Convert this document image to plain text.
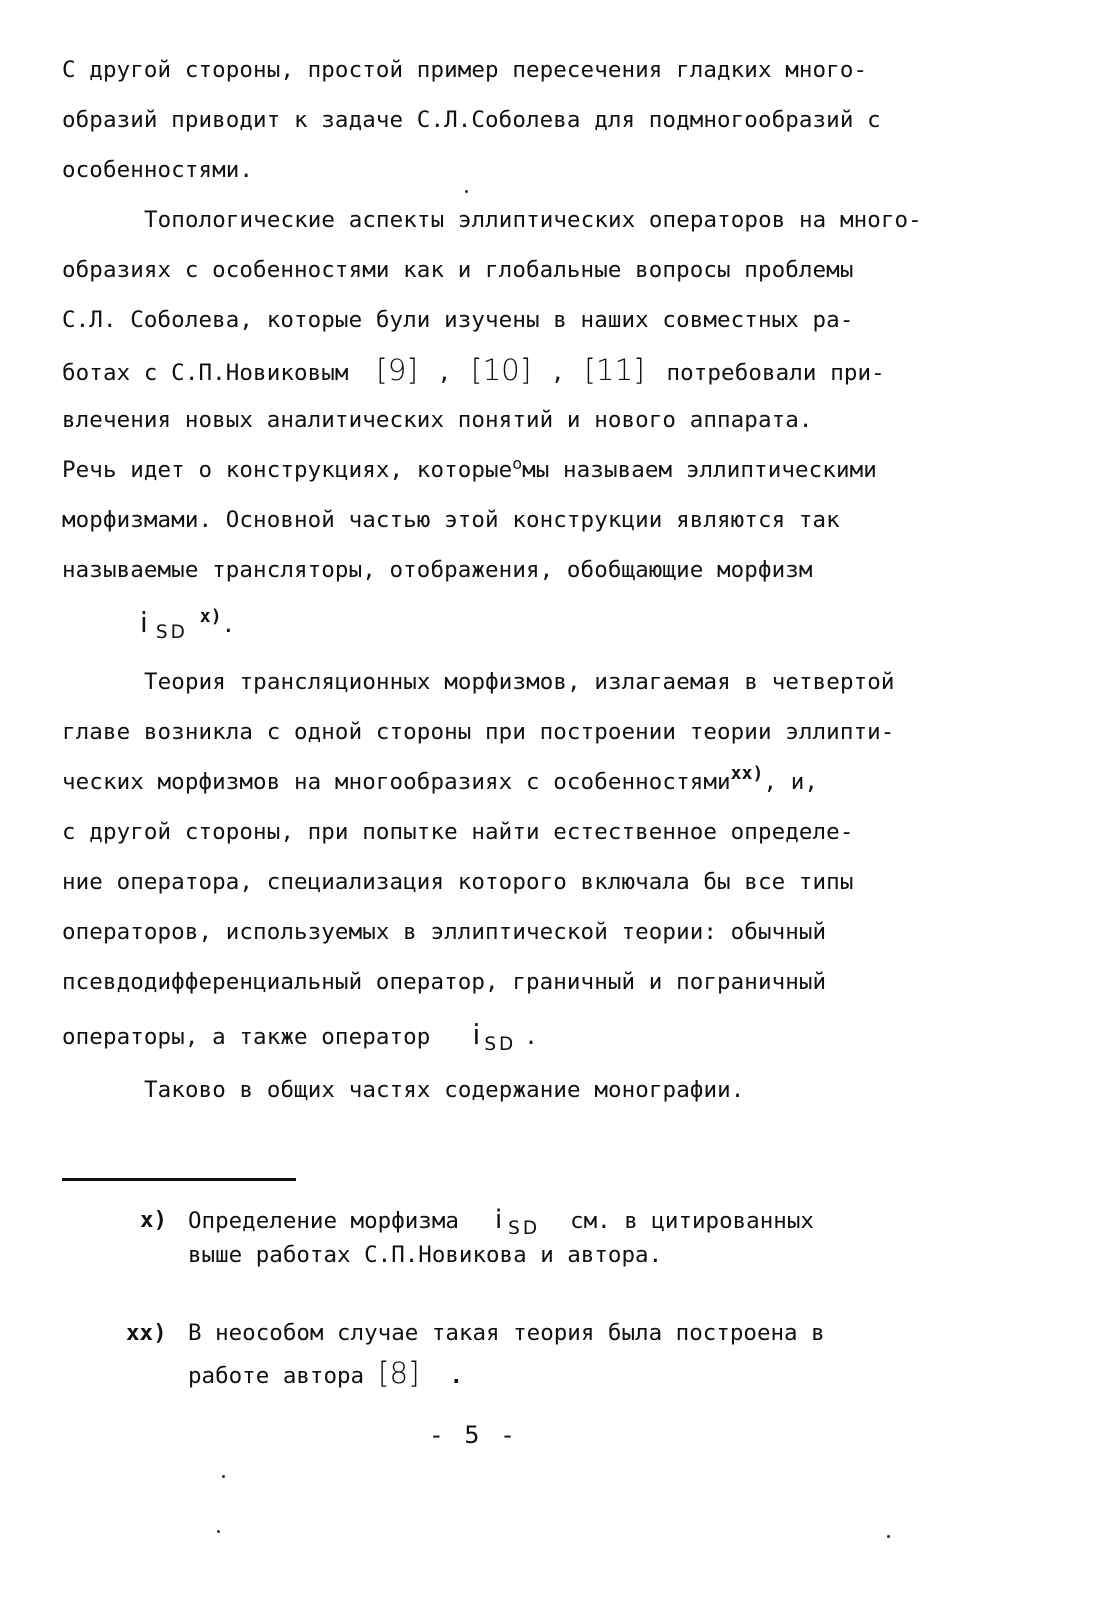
С другой стороны, простой пример пересечения гладких много-
образий приводит к задаче С.Л.Соболева для подмногообразий с
особенностями.
Топологические аспекты эллиптических операторов на много-
образиях с особенностями как и глобальные вопросы проблемы
С.Л. Соболева, которые були изучены в наших совместных ра-
ботах с С.П.Новиковым [9] , [10] , [11] потребовали при-
влечения новых аналитических понятий и нового аппарата.
Речь идет о конструкциях, которые$^о$мы называем эллиптическими
морфизмами. Основной частью этой конструкции являются так
называемые трансляторы, отображения, обобщающие морфизм
i $_{SD}^{x)}$.
Теория трансляционных морфизмов, излагаемая в четвертой
главе возникла с одной стороны при построении теории эллипти-
ческих морфизмов на многообразиях с особенностями$^{xx)}$, и,
с другой стороны, при попытке найти естественное определе-
ние оператора, специализация которого включала бы все типы
операторов, используемых в эллиптической теории: обычный
псевдодифференциальный оператор, граничный и пограничный
операторы, а также оператор i $_{SD}$ .
Таково в общих частях содержание монографии.
x) Определение морфизма i $_{SD}$ см. в цитированных
выше работах С.П.Новикова и автора.
xx) В неособом случае такая теория была построена в
работе автора [8] .
- 5 -
